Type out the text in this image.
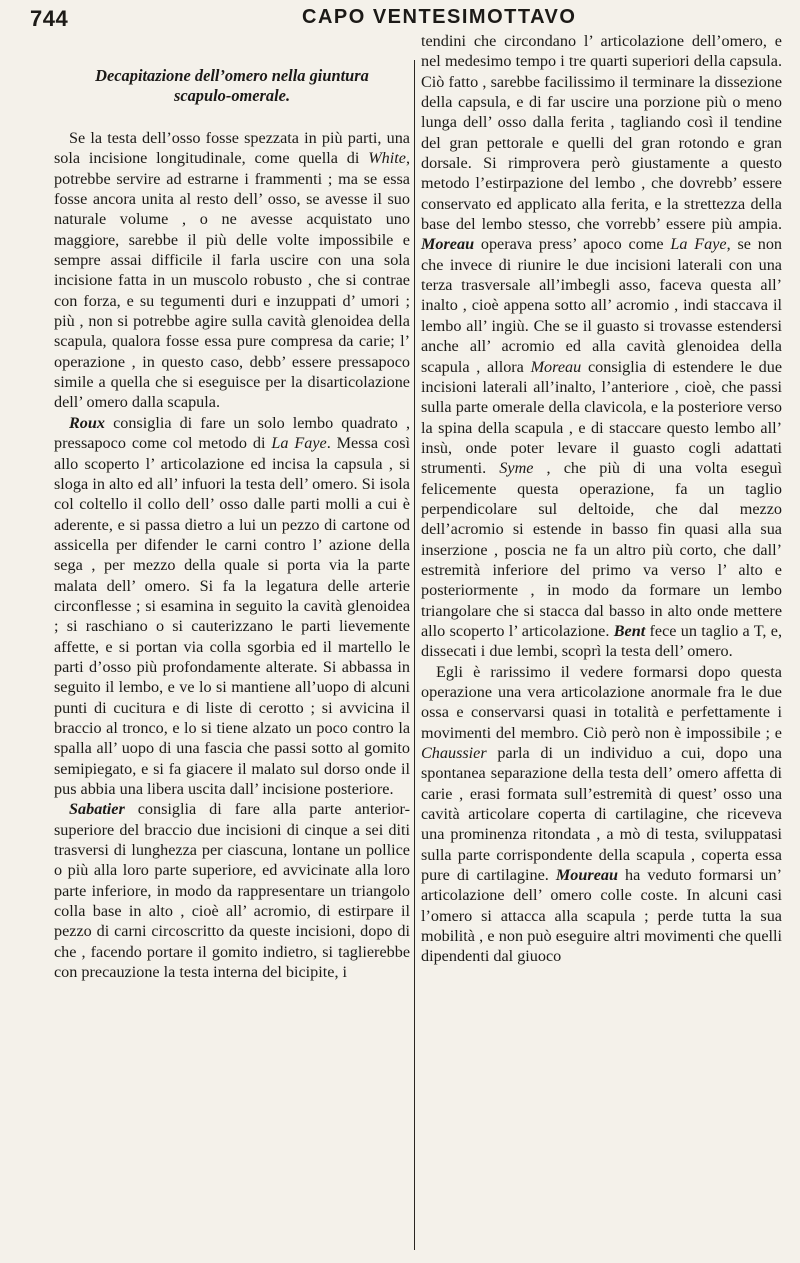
744	CAPO VENTESIMOTTAVO
Decapitazione dell’omero nella giuntura
scapulo-omerale.

Se la testa dell’osso fosse spezzata in più parti, una sola incisione longitudinale, come quella di White, potrebbe servire ad estrarne i frammenti ; ma se essa fosse ancora unita al resto dell’ osso, se avesse il suo naturale volume , o ne avesse acquistato uno maggiore, sarebbe il più delle volte impossibile e sempre assai difficile il farla uscire con una sola incisione fatta in un muscolo robusto , che si contrae con forza, e su tegumenti duri e inzuppati d’ umori ; più , non si potrebbe agire sulla cavità glenoidea della scapula, qualora fosse essa pure compresa da carie; l’ operazione , in questo caso, debb’ essere pressapoco simile a quella che si eseguisce per la disarticolazione dell’ omero dalla scapula.

Roux consiglia di fare un solo lembo quadrato , pressapoco come col metodo di La Faye. Messa così allo scoperto l’ articolazione ed incisa la capsula , si sloga in alto ed all’ infuori la testa dell’ omero. Si isola col coltello il collo dell’ osso dalle parti molli a cui è aderente, e si passa dietro a lui un pezzo di cartone od assicella per difender le carni contro l’ azione della sega , per mezzo della quale si porta via la parte malata dell’ omero. Si fa la legatura delle arterie circonflesse ; si esamina in seguito la cavità glenoidea ; si raschiano o si cauterizzano le parti lievemente affette, e si portan via colla sgorbia ed il martello le parti d’osso più profondamente alterate. Si abbassa in seguito il lembo, e ve lo si mantiene all’uopo di alcuni punti di cucitura e di liste di cerotto ; si avvicina il braccio al tronco, e lo si tiene alzato un poco contro la spalla all’ uopo di una fascia che passi sotto al gomito semipiegato, e si fa giacere il malato sul dorso onde il pus abbia una libera uscita dall’ incisione posteriore.

Sabatier consiglia di fare alla parte anterior-superiore del braccio due incisioni di cinque a sei diti trasversi di lunghezza per ciascuna, lontane un pollice o più alla loro parte superiore, ed avvicinate alla loro parte inferiore, in modo da rappresentare un triangolo colla base in alto , cioè all’ acromio, di estirpare il pezzo di carni circoscritto da queste incisioni, dopo di che , facendo portare il gomito indietro, si taglierebbe con precauzione la testa interna del bicipite, i

tendini che circondano l’ articolazione dell’omero, e nel medesimo tempo i tre quarti superiori della capsula. Ciò fatto , sarebbe facilissimo il terminare la dissezione della capsula, e di far uscire una porzione più o meno lunga dell’ osso dalla ferita , tagliando così il tendine del gran pettorale e quelli del gran rotondo e gran dorsale. Si rimprovera però giustamente a questo metodo l’estirpazione del lembo , che dovrebb’ essere conservato ed applicato alla ferita, e la strettezza della base del lembo stesso, che vorrebb’ essere più ampia. Moreau operava press’ apoco come La Faye, se non che invece di riunire le due incisioni laterali con una terza trasversale all’imbegli asso, faceva questa all’ inalto , cioè appena sotto all’ acromio , indi staccava il lembo all’ ingiù. Che se il guasto si trovasse estendersi anche all’ acromio ed alla cavità glenoidea della scapula , allora Moreau consiglia di estendere le due incisioni laterali all’inalto, l’anteriore , cioè, che passi sulla parte omerale della clavicola, e la posteriore verso la spina della scapula , e di staccare questo lembo all’ insù, onde poter levare il guasto cogli adattati strumenti. Syme , che più di una volta eseguì felicemente questa operazione, fa un taglio perpendicolare sul deltoide, che dal mezzo dell’acromio si estende in basso fin quasi alla sua inserzione , poscia ne fa un altro più corto, che dall’ estremità inferiore del primo va verso l’ alto e posteriormente , in modo da formare un lembo triangolare che si stacca dal basso in alto onde mettere allo scoperto l’ articolazione. Bent fece un taglio a T, e, dissecati i due lembi, scoprì la testa dell’ omero.

Egli è rarissimo il vedere formarsi dopo questa operazione una vera articolazione anormale fra le due ossa e conservarsi quasi in totalità e perfettamente i movimenti del membro. Ciò però non è impossibile ; e Chaussier parla di un individuo a cui, dopo una spontanea separazione della testa dell’ omero affetta di carie , erasi formata sull’estremità di quest’ osso una cavità articolare coperta di cartilagine, che riceveva una prominenza ritondata , a mò di testa, sviluppatasi sulla parte corrispondente della scapula , coperta essa pure di cartilagine. Moureau ha veduto formarsi un’ articolazione dell’ omero colle coste. In alcuni casi l’omero si attacca alla scapula ; perde tutta la sua mobilità , e non può eseguire altri movimenti che quelli dipendenti dal giuoco
